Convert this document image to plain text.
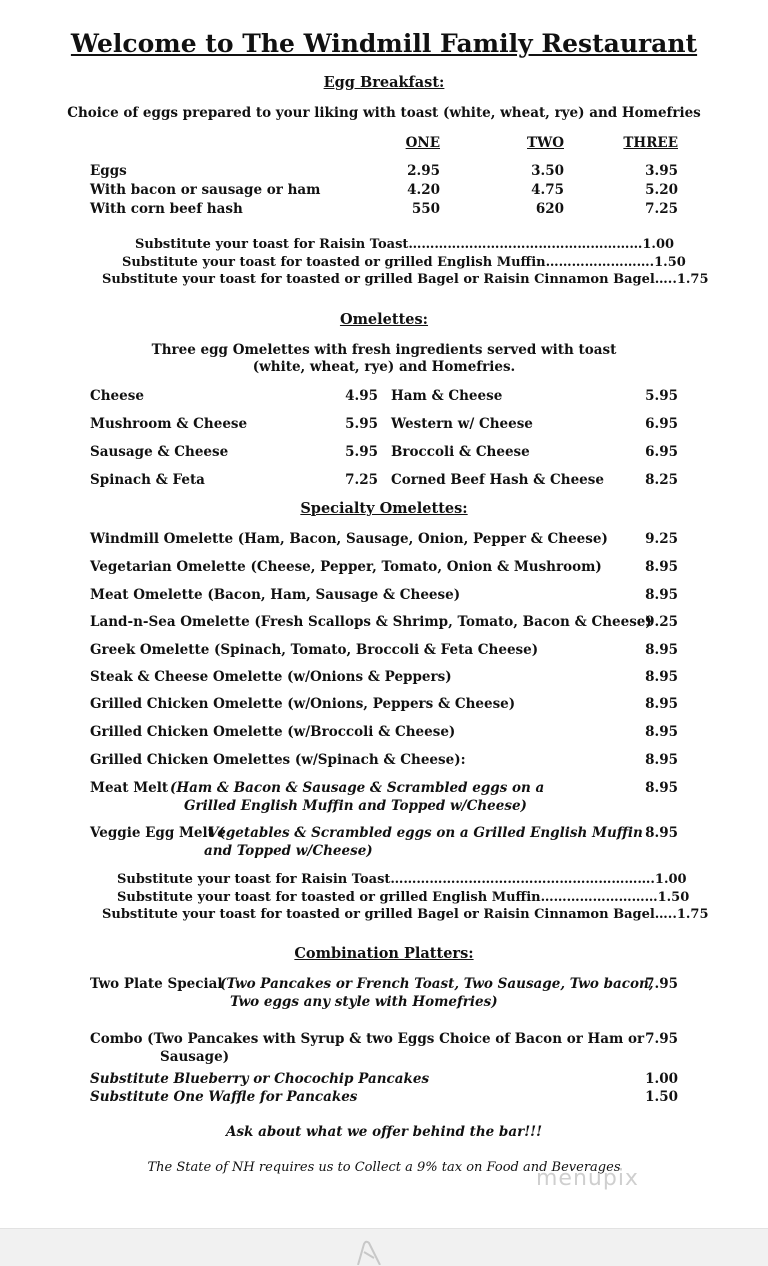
Welcome to The Windmill Family Restaurant
Egg Breakfast:
Choice of eggs prepared to your liking with toast (white, wheat, rye) and Homefries
ONE	TWO	THREE
Eggs	2.95	3.50	3.95
With bacon or sausage or ham	4.20	4.75	5.20
With corn beef hash	550	620	7.25
Substitute your toast for Raisin Toast………………………………………………1.00
Substitute your toast for toasted or grilled English Muffin…………………….1.50
Substitute your toast for toasted or grilled Bagel or Raisin Cinnamon Bagel…..1.75
Omelettes:
Three egg Omelettes with fresh ingredients served with toast
(white, wheat, rye) and Homefries.
Cheese	4.95 Ham & Cheese	5.95
Mushroom & Cheese	5.95 Western w/ Cheese	6.95
Sausage & Cheese	5.95 Broccoli & Cheese	6.95
Spinach & Feta	7.25 Corned Beef Hash & Cheese	8.25
Specialty Omelettes:
Windmill Omelette (Ham, Bacon, Sausage, Onion, Pepper & Cheese)	9.25
Vegetarian Omelette (Cheese, Pepper, Tomato, Onion & Mushroom)	8.95
Meat Omelette (Bacon, Ham, Sausage & Cheese)	8.95
Land-n-Sea Omelette (Fresh Scallops & Shrimp, Tomato, Bacon & Cheese)
9.25
Greek Omelette (Spinach, Tomato, Broccoli & Feta Cheese)	8.95
Steak & Cheese Omelette (w/Onions & Peppers)	8.95
Grilled Chicken Omelette (w/Onions, Peppers & Cheese)	8.95
Grilled Chicken Omelette (w/Broccoli & Cheese)	8.95
Grilled Chicken Omelettes (w/Spinach & Cheese):	8.95
Meat Melt (Ham & Bacon & Sausage & Scrambled eggs on a
Grilled English Muffin and Topped w/Cheese)
8.95
Veggie Egg Melt (
Vegetables & Scrambled eggs on a Grilled English Muffin
and Topped w/Cheese)
8.95
Substitute your toast for Raisin Toast…………………………………………………….1.00
Substitute your toast for toasted or grilled English Muffin………………………1.50
Substitute your toast for toasted or grilled Bagel or Raisin Cinnamon Bagel…..1.75
Combination Platters:
Two Plate Special
(Two Pancakes or French Toast, Two Sausage, Two bacon,
Two eggs any style with Homefries)
7.95
Combo (Two Pancakes with Syrup & two Eggs Choice of Bacon or Ham or
Sausage)
7.95
Substitute Blueberry or Chocochip Pancakes	1.00
Substitute One Waffle for Pancakes	1.50
Ask about what we offer behind the bar!!!
The State of NH requires us to Collect a 9% tax on Food and Beverages
menupix
